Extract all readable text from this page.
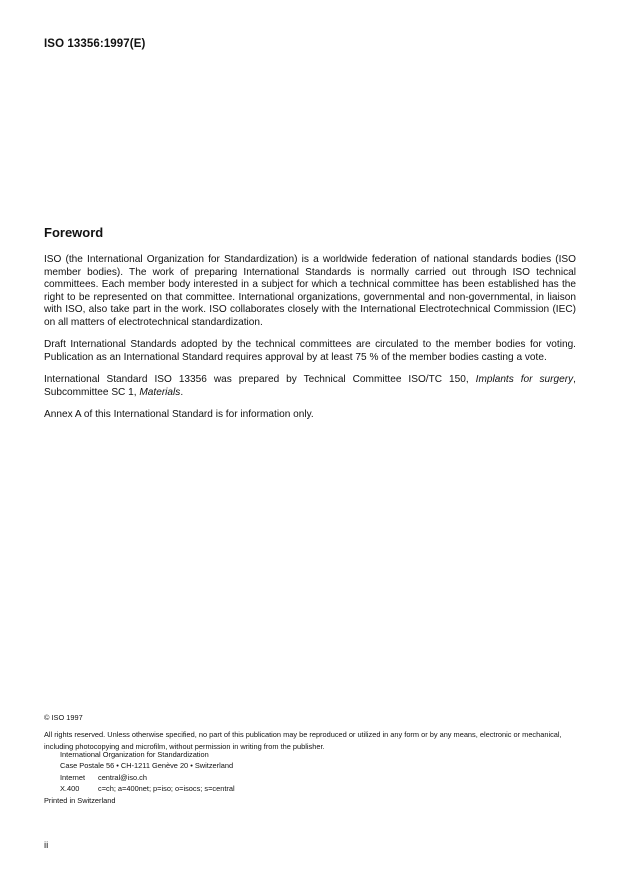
ISO 13356:1997(E)
Foreword
ISO (the International Organization for Standardization) is a worldwide federation of national standards bodies (ISO member bodies). The work of preparing International Standards is normally carried out through ISO technical committees. Each member body interested in a subject for which a technical committee has been established has the right to be represented on that committee. International organizations, governmental and non-governmental, in liaison with ISO, also take part in the work. ISO collaborates closely with the International Electrotechnical Commission (IEC) on all matters of electrotechnical standardization.
Draft International Standards adopted by the technical committees are circulated to the member bodies for voting. Publication as an International Standard requires approval by at least 75 % of the member bodies casting a vote.
International Standard ISO 13356 was prepared by Technical Committee ISO/TC 150, Implants for surgery, Subcommittee SC 1, Materials.
Annex A of this International Standard is for information only.
© ISO 1997
All rights reserved. Unless otherwise specified, no part of this publication may be reproduced or utilized in any form or by any means, electronic or mechanical, including photocopying and microfilm, without permission in writing from the publisher.
International Organization for Standardization
Case Postale 56 • CH-1211 Genève 20 • Switzerland
Internet central@iso.ch
X.400	c=ch; a=400net; p=iso; o=isocs; s=central
Printed in Switzerland
ii
